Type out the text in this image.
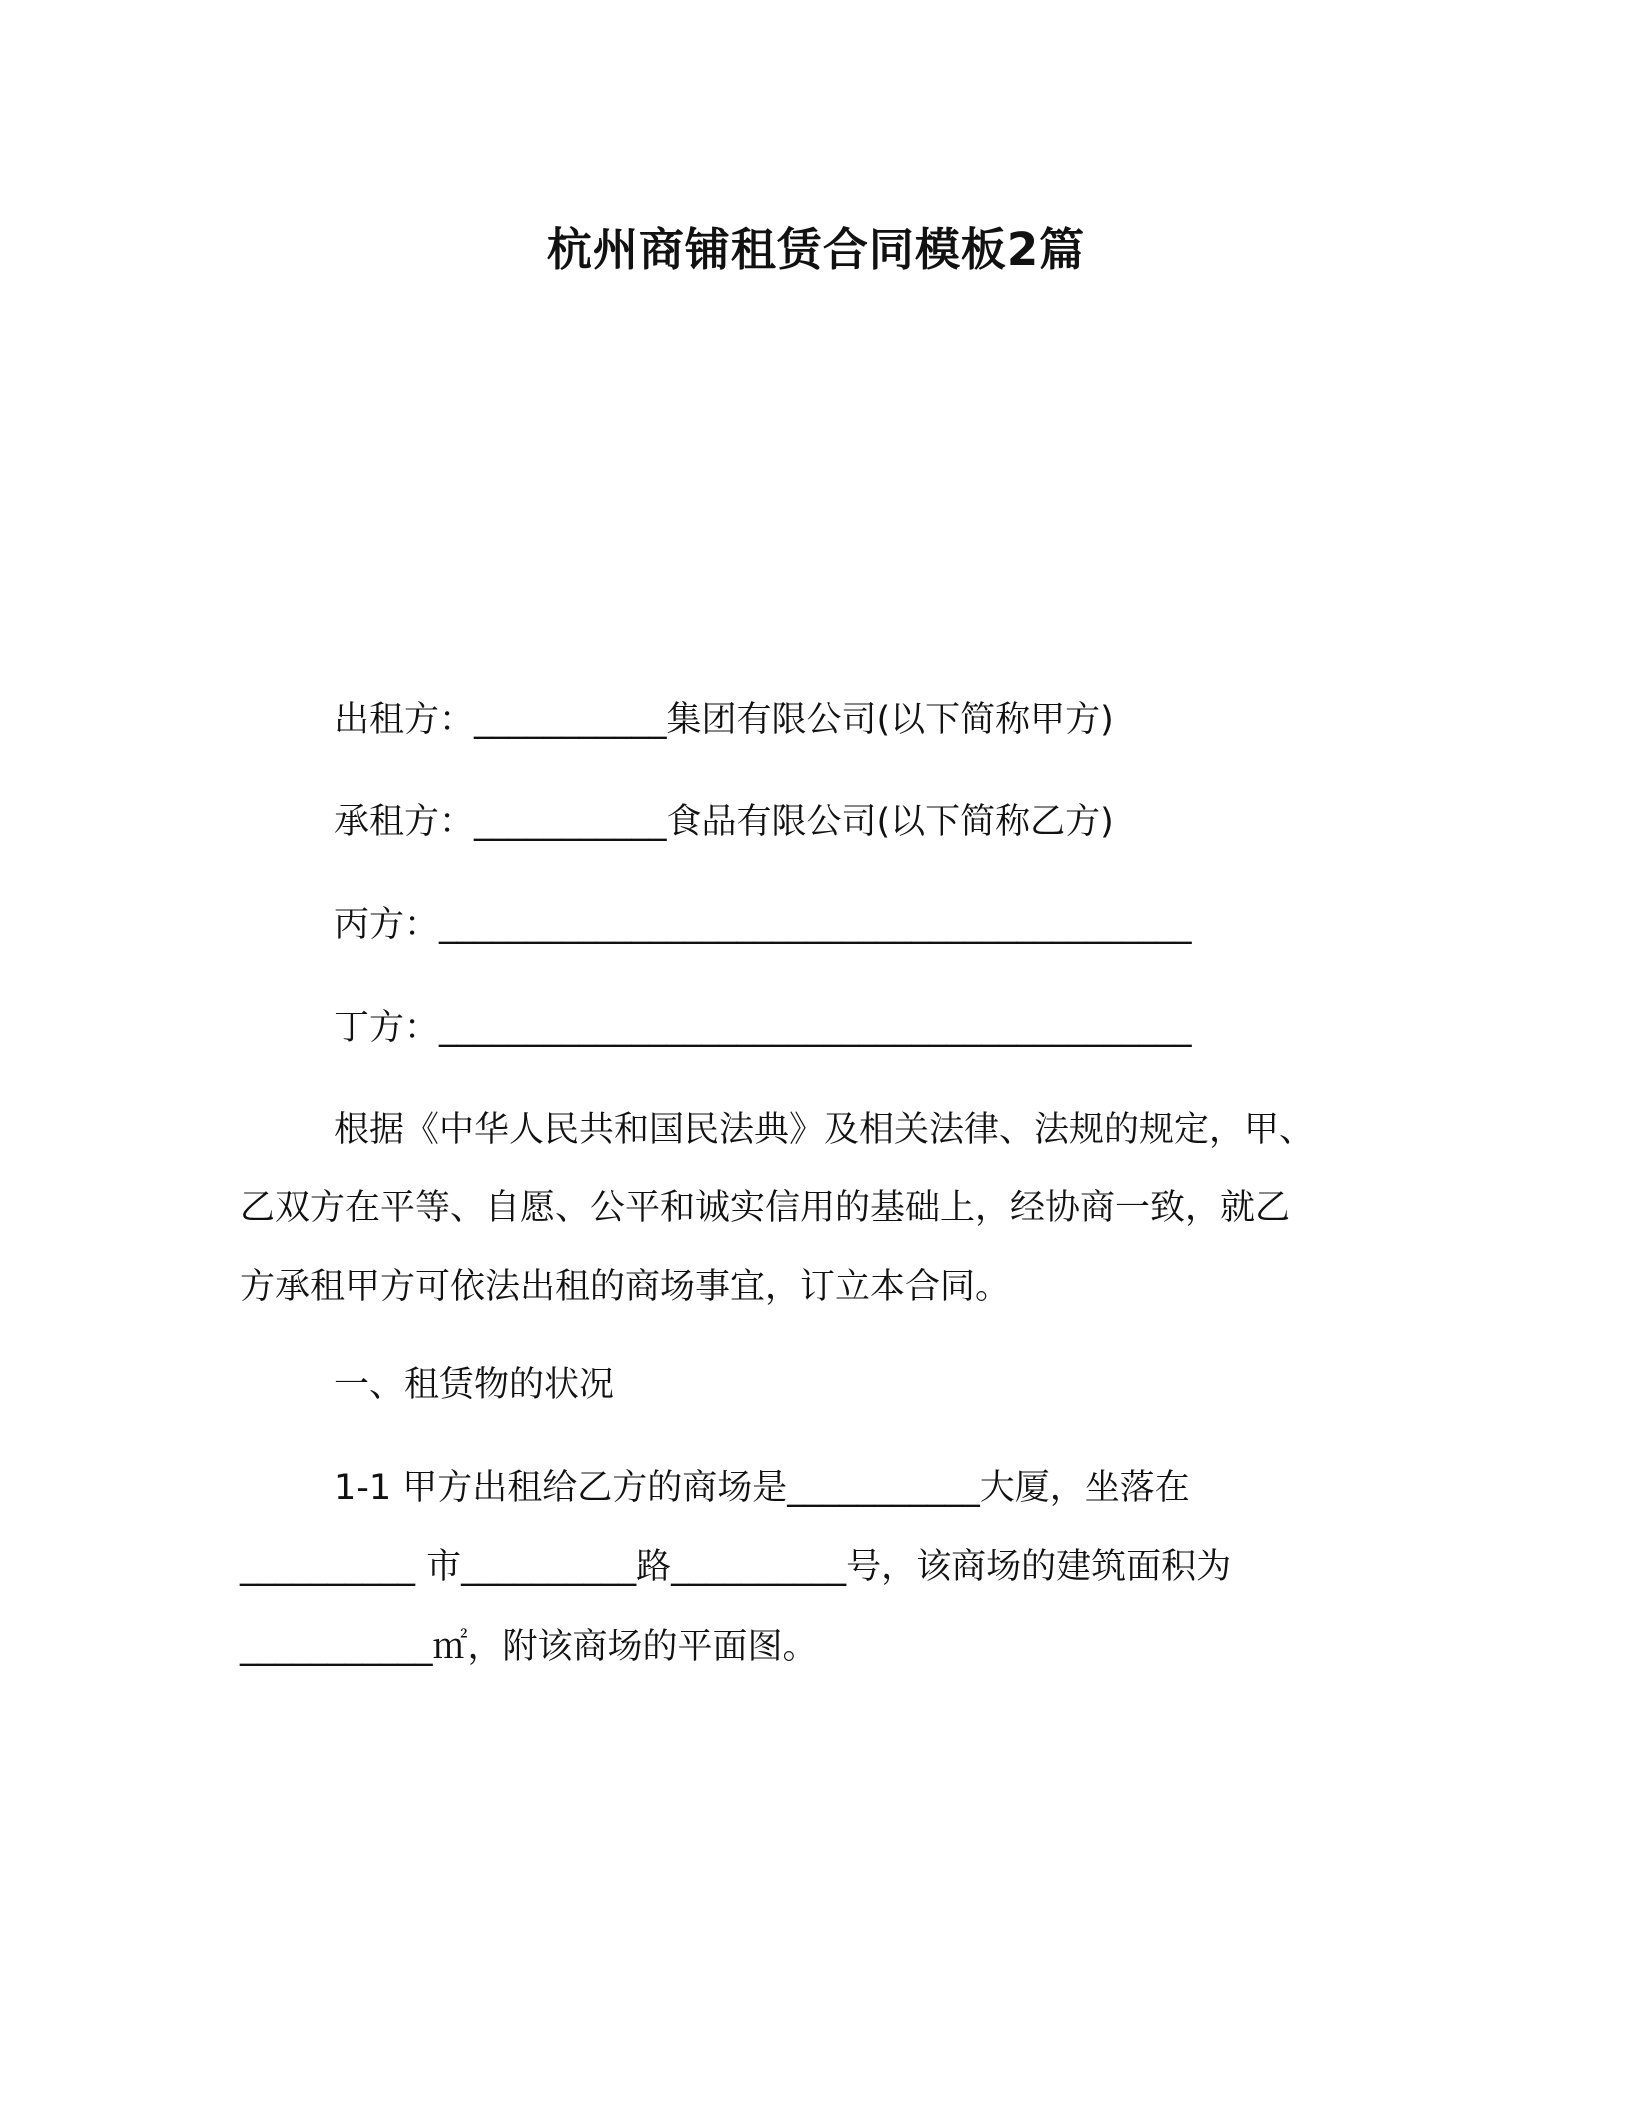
杭州商铺租赁合同模板2篇
出租方：___________集团有限公司(以下简称甲方)
承租方：___________食品有限公司(以下简称乙方)
丙方：___________________________________________
丁方：___________________________________________
根据《中华人民共和国民法典》及相关法律、法规的规定，甲、
乙双方在平等、自愿、公平和诚实信用的基础上，经协商一致，就乙
方承租甲方可依法出租的商场事宜，订立本合同。
一、租赁物的状况
1-1 甲方出租给乙方的商场是___________大厦，坐落在
__________ 市__________路__________号，该商场的建筑面积为
___________㎡，附该商场的平面图。
